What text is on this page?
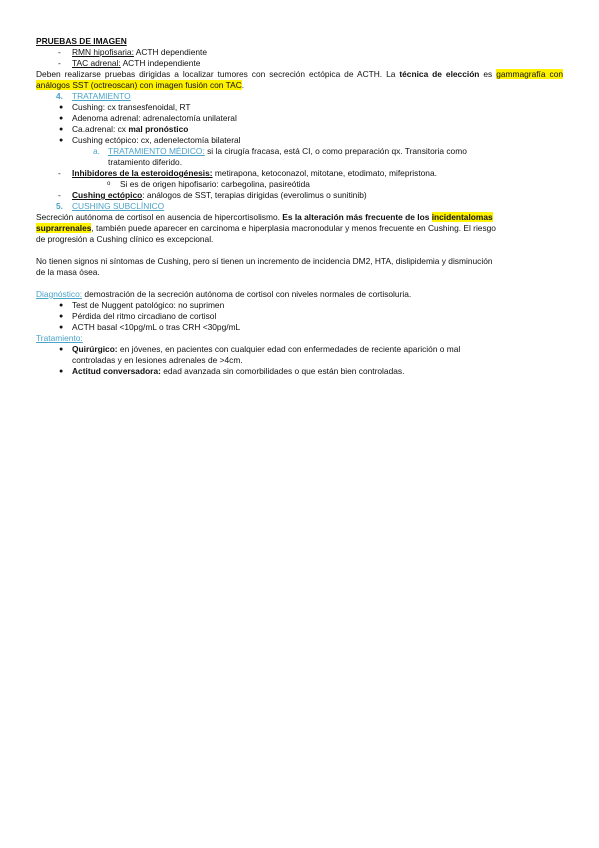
PRUEBAS DE IMAGEN
- RMN hipofisaria: ACTH dependiente
- TAC adrenal: ACTH independiente
Deben realizarse pruebas dirigidas a localizar tumores con secreción ectópica de ACTH. La técnica de elección es gammagrafía con análogos SST (octreoscan) con imagen fusión con TAC.
4. TRATAMIENTO
● Cushing: cx transesfenoidal, RT
● Adenoma adrenal: adrenalectomía unilateral
● Ca.adrenal: cx mal pronóstico
● Cushing ectópico: cx, adenelectomía bilateral
a. TRATAMIENTO MÉDICO: si la cirugía fracasa, está CI, o como preparación qx. Transitoria como
tratamiento diferido.
- Inhibidores de la esteroidogénesis: metirapona, ketoconazol, mitotane, etodimato, mifepristona.
o Si es de origen hipofisario: carbegolina, pasireótida
- Cushing ectópico: análogos de SST, terapias dirigidas (everolimus o sunitinib)
5. CUSHING SUBCLÍNICO
Secreción autónoma de cortisol en ausencia de hipercortisolismo. Es la alteración más frecuente de los incidentalomas
suprarrenales, también puede aparecer en carcinoma e hiperplasia macronodular y menos frecuente en Cushing. El riesgo
de progresión a Cushing clínico es excepcional.
No tienen signos ni síntomas de Cushing, pero sí tienen un incremento de incidencia DM2, HTA, dislipidemia y disminución
de la masa ósea.
Diagnóstico: demostración de la secreción autónoma de cortisol con niveles normales de cortisoluria.
● Test de Nuggent patológico: no suprimen
● Pérdida del ritmo circadiano de cortisol
● ACTH basal <10pg/mL o tras CRH <30pg/mL
Tratamiento:
● Quirúrgico: en jóvenes, en pacientes con cualquier edad con enfermedades de reciente aparición o mal
controladas y en lesiones adrenales de >4cm.
● Actitud conversadora: edad avanzada sin comorbilidades o que están bien controladas.
